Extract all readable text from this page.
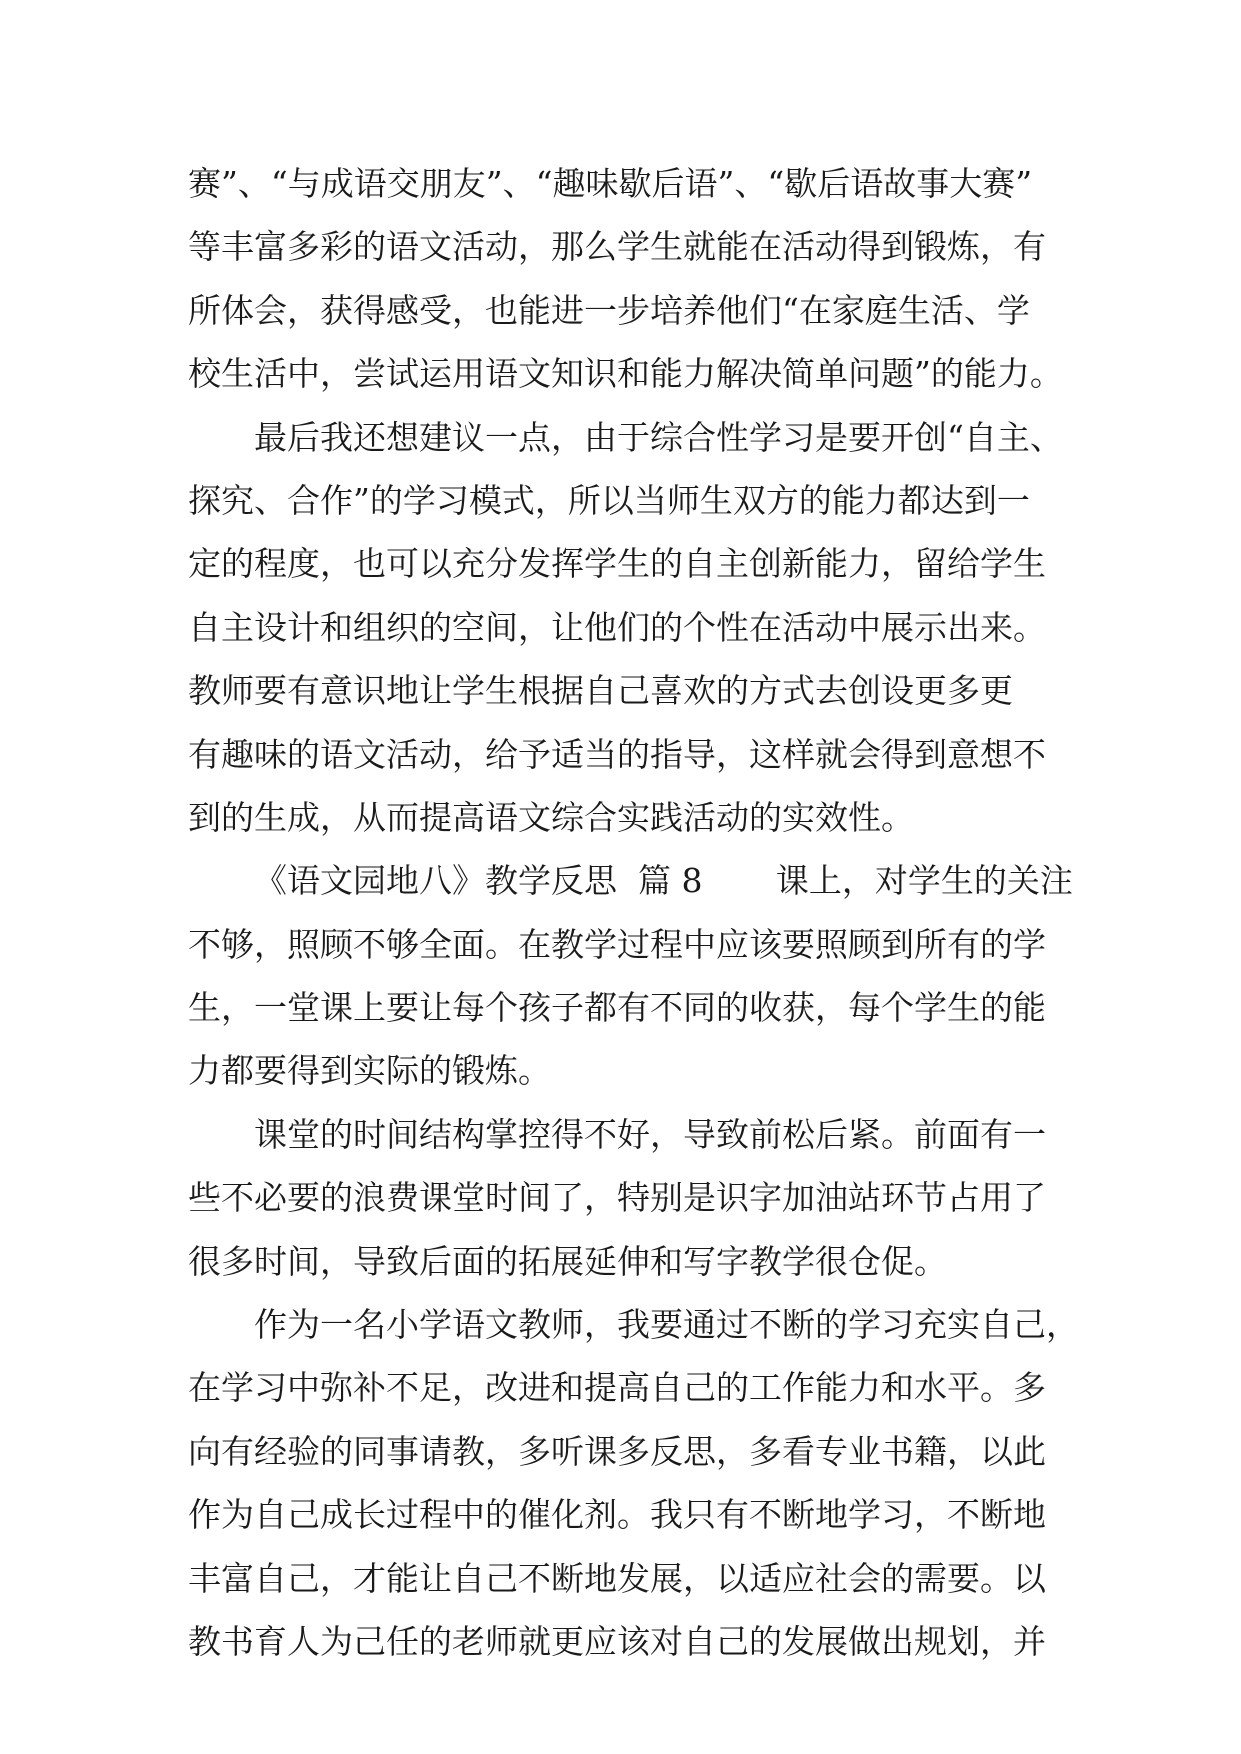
赛”、“与成语交朋友”、“趣味歇后语”、“歇后语故事大赛”
等丰富多彩的语文活动，那么学生就能在活动得到锻炼，有
所体会，获得感受，也能进一步培养他们“在家庭生活、学
校生活中，尝试运用语文知识和能力解决简单问题”的能力。
最后我还想建议一点，由于综合性学习是要开创“自主、
探究、合作”的学习模式，所以当师生双方的能力都达到一
定的程度，也可以充分发挥学生的自主创新能力，留给学生
自主设计和组织的空间，让他们的个性在活动中展示出来。
教师要有意识地让学生根据自己喜欢的方式去创设更多更
有趣味的语文活动，给予适当的指导，这样就会得到意想不
到的生成，从而提高语文综合实践活动的实效性。
《语文园地八》教学反思  篇 8       课上，对学生的关注
不够，照顾不够全面。在教学过程中应该要照顾到所有的学
生，一堂课上要让每个孩子都有不同的收获，每个学生的能
力都要得到实际的锻炼。
课堂的时间结构掌控得不好，导致前松后紧。前面有一
些不必要的浪费课堂时间了，特别是识字加油站环节占用了
很多时间，导致后面的拓展延伸和写字教学很仓促。
作为一名小学语文教师，我要通过不断的学习充实自己，
在学习中弥补不足，改进和提高自己的工作能力和水平。多
向有经验的同事请教，多听课多反思，多看专业书籍，以此
作为自己成长过程中的催化剂。我只有不断地学习，不断地
丰富自己，才能让自己不断地发展，以适应社会的需要。以
教书育人为己任的老师就更应该对自己的发展做出规划，并
